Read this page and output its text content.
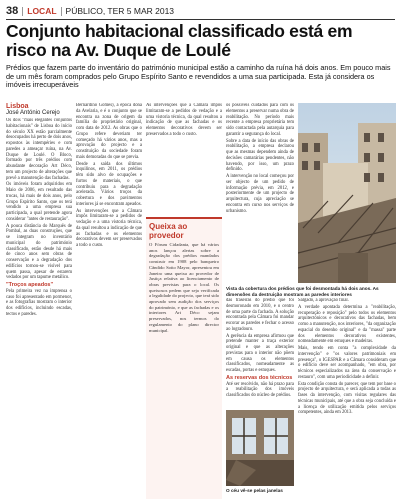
38 LOCAL PÚBLICO, TER 5 MAR 2013
Conjunto habitacional classificado está em risco na Av. Duque de Loulé
Prédios que fazem parte do inventário do património municipal estão a caminho da ruína há dois anos. Em pouco mais de um mês foram comprados pelo Grupo Espírito Santo e revendidos a uma sua participada. Esta já considera os imóveis irrecuperáveis
Lisboa
José António Cerejo

Os dois "mais elegantes conjuntos habitacionais" de Lisboa do início do século XX estão parcialmente desocupados há perto de dois anos, expostos às intempéries e com paredes a ameaçar ruína, na Av. Duque de Loulé. O Bloco, formado por três prédios com abundante decoração Art Déco, tem um projecto de alterações que prevê a manutenção das fachadas.

Os imóveis foram adquiridos em Maio de 2006, em resultado das trocas, há mais de dois anos, pelo Grupo Espírito Santo, que os terá vendido a uma empresa sua participada, a qual pretende agora considerar "antes de restauração".

A pouca distância do Marquês de Pombal, as duas construções, que se integram no inventário municipal do património classificado, estão desde há mais de cinco anos sem obras de conservação e a degradação dos edifícios tornou-se visível para quem passa, apesar de estarem vedados por um tapume metálico.

"Troços apeados"

Pela primeira vez na imprensa o caso foi apresentado em pormenor, e as fotografias mostram o interior dos edifícios, incluindo escadas, tectos e paredes.

Bernardino Gomes), à época dona da Avelaria, e é o conjunto que se encontra na zona de origem da família do proprietário original, com data de 2012. As obras que o Grupo refere deveriam ter começado há vários anos, mas a aprovação do projecto e a constituição da sociedade foram mais demoradas do que se previa.

Desde a saída dos últimos inquilinos, em 2011, os prédios têm sido alvo de ocupações e furtos de materiais, o que contribuiu para a degradação acelerada. Vários troços da cobertura e dos pavimentos interiores já se encontram apeados.

As intervenções que a Câmara impôs limitaram-se a pedidos de vedação e a uma vistoria técnica, da qual resultou a indicação de que as fachadas e os elementos decorativos devem ser preservados a todo o custo.

As intervenções que a Câmara impôs limitaram-se a pedidos de vedação e a uma vistoria técnica, da qual resultou a indicação de que as fachadas e os elementos decorativos devem ser preservados a todo o custo.

Queixa ao provedor
O Fórum Cidadania, que há vários anos lançou alertas sobre a degradação dos prédios mandados construir em 1908 pelo banqueiro Cândido Sotto Mayor, apresentou em Janeiro uma queixa ao provedor de Justiça relativa ao licenciamento de obras previstas para o local. Os queixosos pedem que seja verificada a legalidade do projecto, que terá sido aprovado sem audição dos serviços do património, e que as fachadas e os interiores Art Déco sejam preservados, nos termos do regulamento do plano director municipal.

os possíveis cuidados para com os elementos a preservar numa obra de reabilitação. No período mais recente a empresa proprietária tem sido contactada pela autarquia para garantir a segurança do local.

Sobre a data de início das obras de reabilitação, a empresa declarou que as mesmas dependem ainda de decisões camarárias pendentes, não havendo, por isso, um prazo definido.

A intervenção no local começou por ser objecto de um pedido de informação prévia, em 2012, e posteriormente de um projecto de arquitectura, cuja apreciação se encontra em curso nos serviços de urbanismo.

Vista da cobertura dos prédios que foi desmontada há dois anos. As dimensões da destruição mostram as paredes interiores

das traseiras do prédio que foi desmoronado em 2010, e o centro de uma parte da fachada. A solução encontrada pela Câmara foi mandar escorar as paredes e fechar o acesso ao logradouro.

A gerência da empresa afirmou que pretende manter a traça exterior original e que as alterações previstas para o interior não põem em causa os elementos classificados, nomeadamente as escadas, portas e estuques.

As reservas dos técnicos

Até ser resolvido, não há prazo para a reabilitação dos imóveis classificados do núcleo de prédios.

O céu vê-se pelas janelas

Salgado, a aprovação final.

A verdade apontada determina a "reabilitação, recuperação e reposição" pelo todos os elementos arquitectónicos e decorativos das fachadas, bem como a manutenção, nos interiores, "da organização espacial do desenho original" e da "massa" parte dos elementos decorativos existentes, nomeadamente em estuques e madeiras.

Mais, tendo em conta "a complexidade da intervenção" e "os valores patrimoniais em presença", o IGESPAR e a Câmara consideram que o edifício deve ser acompanhado, "em obra, por técnicos especializados na área da conservação e restauro", com uma periodicidade a definir.

Esta condição consta do parecer, que tem por base o projecto de arquitectura, e será aplicada a todas as fases da intervenção, com visitas regulares das técnicas municipais, até que a obra seja concluída e a licença de utilização emitida pelos serviços competentes, ainda em 2013.
